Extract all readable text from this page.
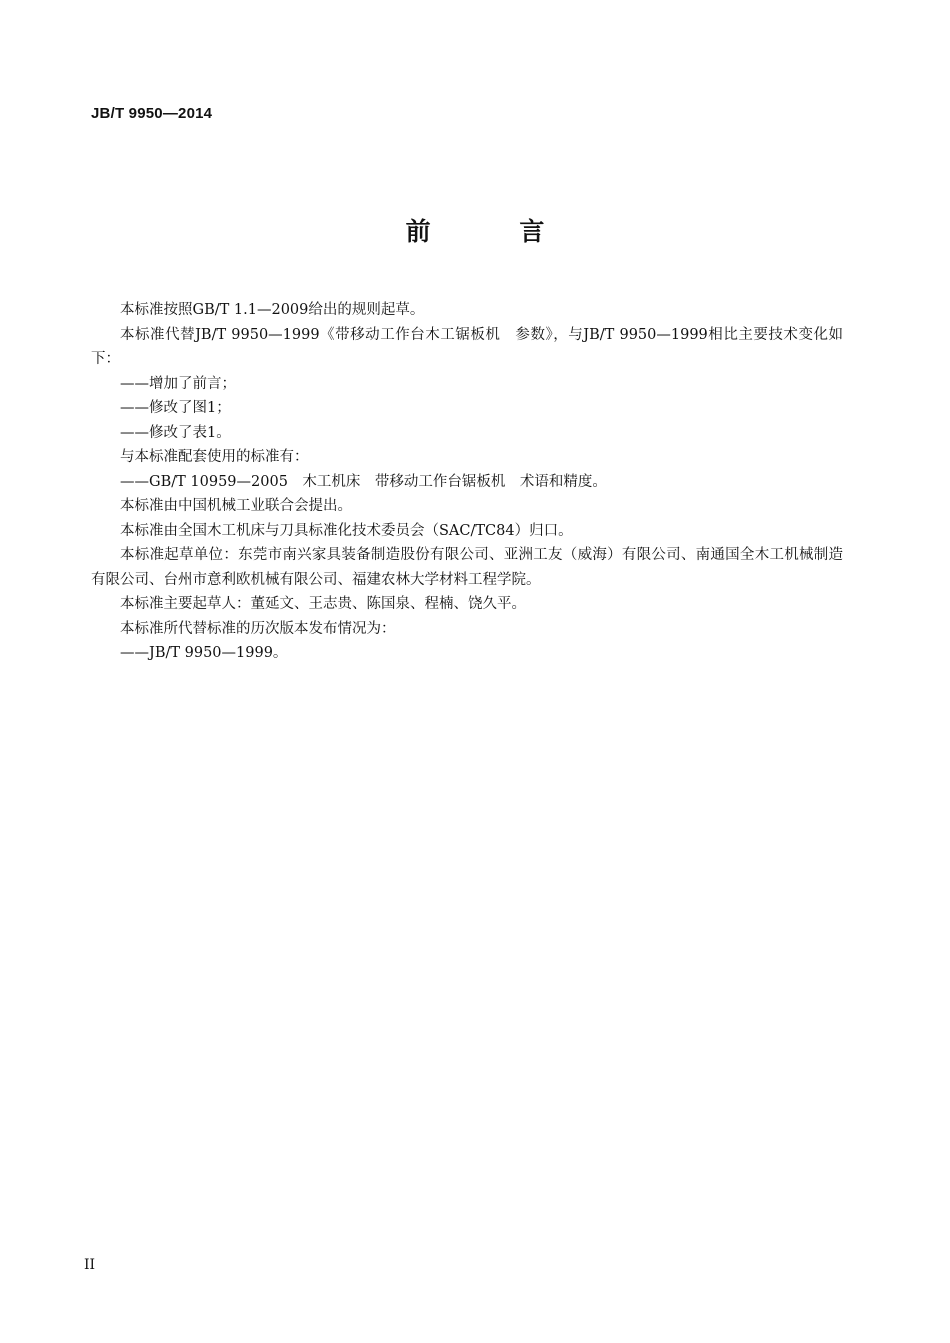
JB/T 9950—2014
前 言

本标准按照GB/T 1.1—2009给出的规则起草。

本标准代替JB/T 9950—1999《带移动工作台木工锯板机　参数》，与JB/T 9950—1999相比主要技术变化如下：

——增加了前言；

——修改了图1；

——修改了表1。

与本标准配套使用的标准有：

——GB/T 10959—2005　木工机床　带移动工作台锯板机　术语和精度。

本标准由中国机械工业联合会提出。

本标准由全国木工机床与刀具标准化技术委员会（SAC/TC84）归口。

本标准起草单位：东莞市南兴家具装备制造股份有限公司、亚洲工友（威海）有限公司、南通国全木工机械制造有限公司、台州市意利欧机械有限公司、福建农林大学材料工程学院。

本标准主要起草人：董延文、王志贵、陈国泉、程楠、饶久平。

本标准所代替标准的历次版本发布情况为：

——JB/T 9950—1999。

II
